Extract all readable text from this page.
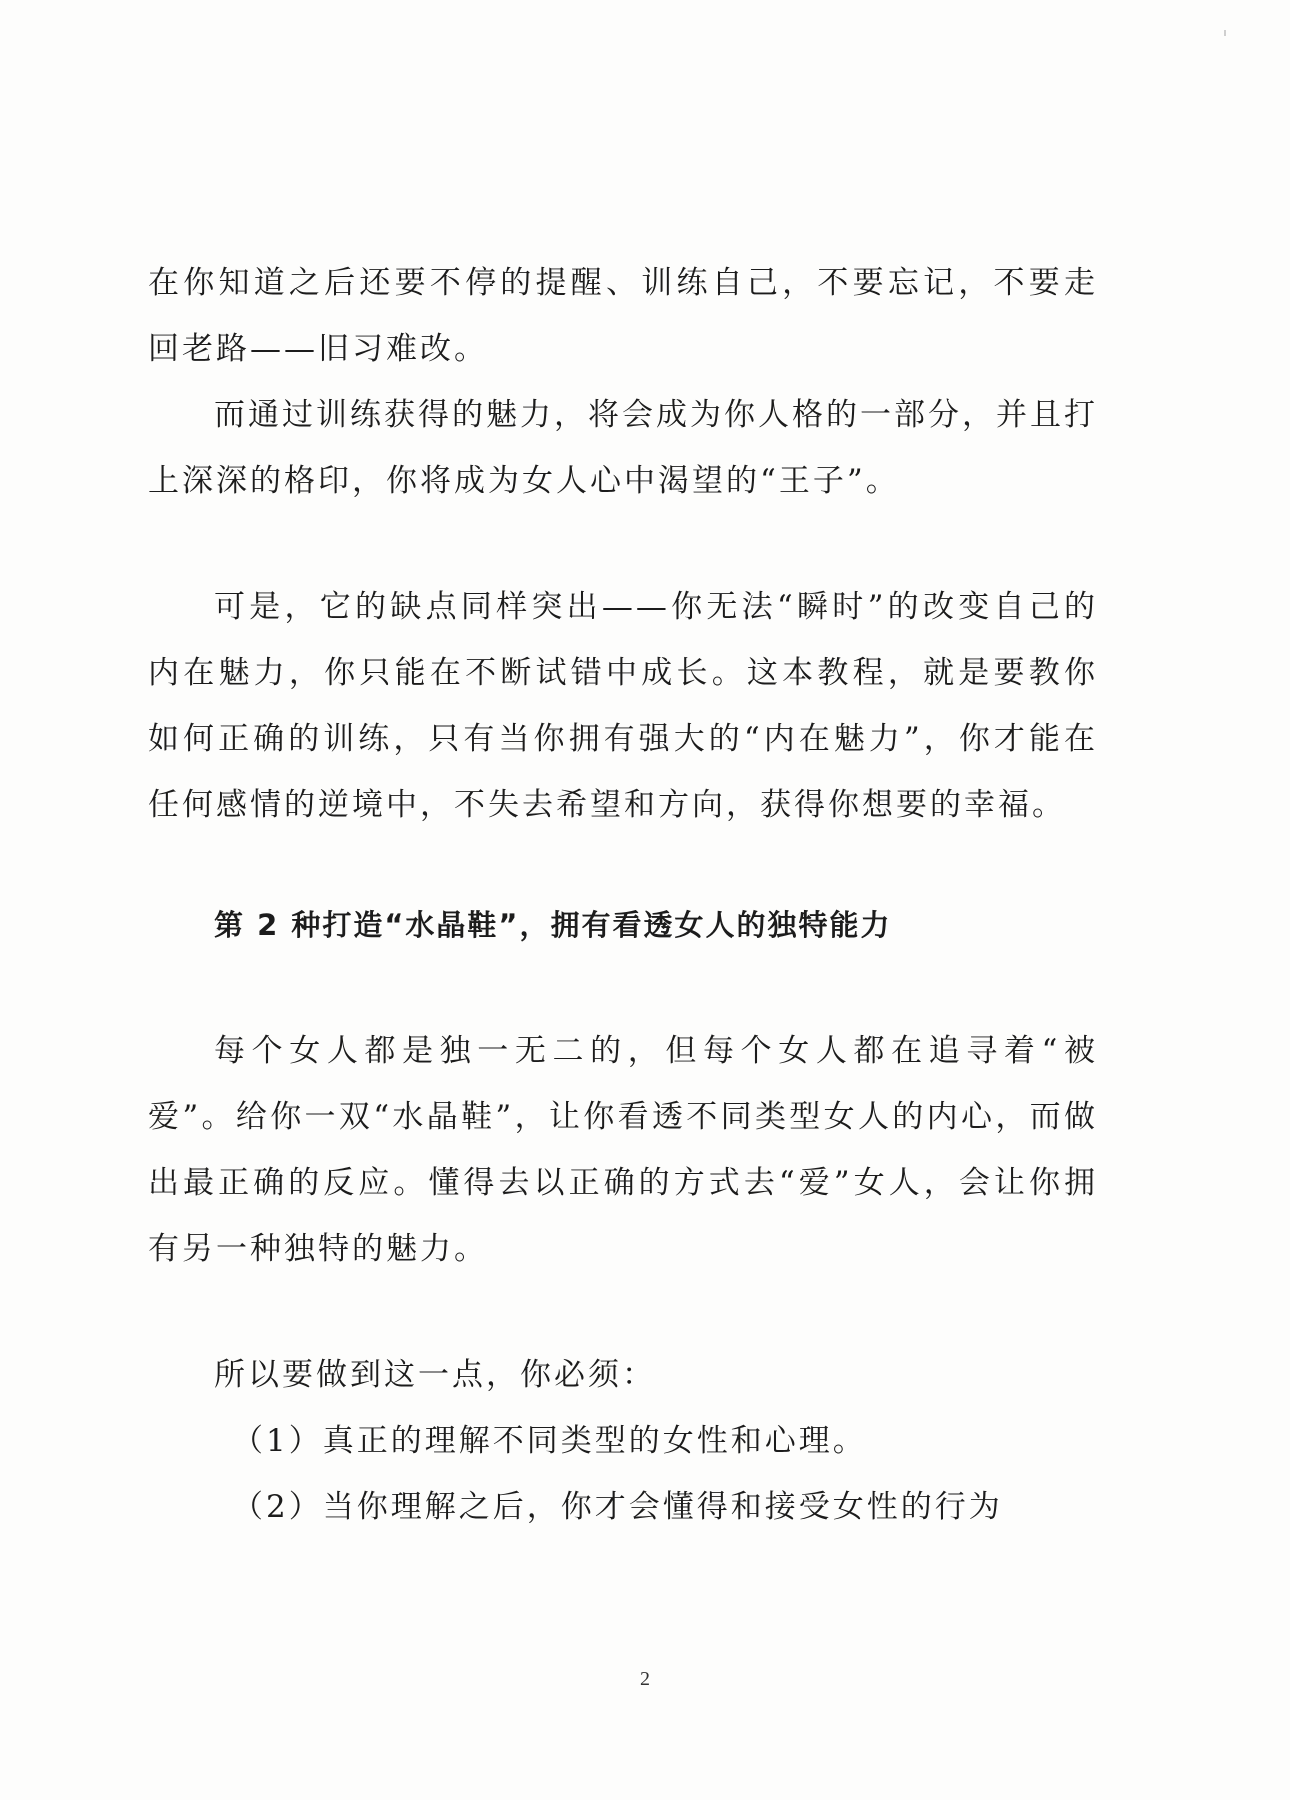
在你知道之后还要不停的提醒、训练自己，不要忘记，不要走回老路——旧习难改。

而通过训练获得的魅力，将会成为你人格的一部分，并且打上深深的格印，你将成为女人心中渴望的“王子”。

可是，它的缺点同样突出——你无法“瞬时”的改变自己的内在魅力，你只能在不断试错中成长。这本教程，就是要教你如何正确的训练，只有当你拥有强大的“内在魅力”，你才能在任何感情的逆境中，不失去希望和方向，获得你想要的幸福。

第 2 种打造“水晶鞋”，拥有看透女人的独特能力

每个女人都是独一无二的，但每个女人都在追寻着“被爱”。给你一双“水晶鞋”，让你看透不同类型女人的内心，而做出最正确的反应。懂得去以正确的方式去“爱”女人，会让你拥有另一种独特的魅力。

所以要做到这一点，你必须：

（1）真正的理解不同类型的女性和心理。

（2）当你理解之后，你才会懂得和接受女性的行为

2
